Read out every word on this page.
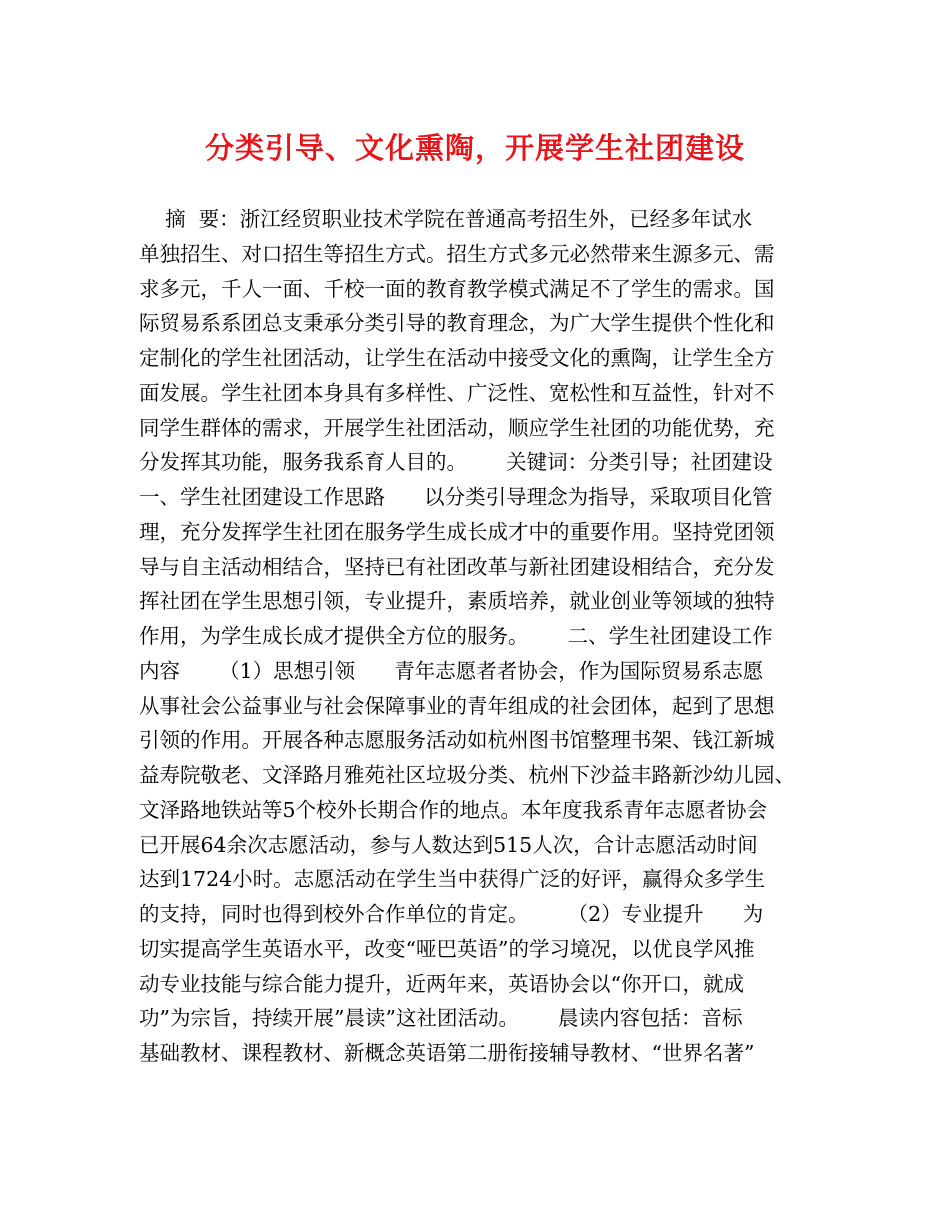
分类引导、文化熏陶，开展学生社团建设
摘  要：浙江经贸职业技术学院在普通高考招生外，已经多年试水
单独招生、对口招生等招生方式。招生方式多元必然带来生源多元、需
求多元，千人一面、千校一面的教育教学模式满足不了学生的需求。国
际贸易系系团总支秉承分类引导的教育理念，为广大学生提供个性化和
定制化的学生社团活动，让学生在活动中接受文化的熏陶，让学生全方
面发展。学生社团本身具有多样性、广泛性、宽松性和互益性，针对不
同学生群体的需求，开展学生社团活动，顺应学生社团的功能优势，充
分发挥其功能，服务我系育人目的。      关键词：分类引导；社团建设
一、学生社团建设工作思路      以分类引导理念为指导，采取项目化管
理，充分发挥学生社团在服务学生成长成才中的重要作用。坚持党团领
导与自主活动相结合，坚持已有社团改革与新社团建设相结合，充分发
挥社团在学生思想引领，专业提升，素质培养，就业创业等领域的独特
作用，为学生成长成才提供全方位的服务。      二、学生社团建设工作
内容      （1）思想引领      青年志愿者者协会，作为国际贸易系志愿
从事社会公益事业与社会保障事业的青年组成的社会团体，起到了思想
引领的作用。开展各种志愿服务活动如杭州图书馆整理书架、钱江新城
益寿院敬老、文泽路月雅苑社区垃圾分类、杭州下沙益丰路新沙幼儿园、
文泽路地铁站等5个校外长期合作的地点。本年度我系青年志愿者协会
已开展64余次志愿活动，参与人数达到515人次，合计志愿活动时间
达到1724小时。志愿活动在学生当中获得广泛的好评，赢得众多学生
的支持，同时也得到校外合作单位的肯定。      （2）专业提升      为
切实提高学生英语水平，改变“哑巴英语”的学习境况，以优良学风推
动专业技能与综合能力提升，近两年来，英语协会以“你开口，就成
功”为宗旨，持续开展”晨读”这社团活动。      晨读内容包括：音标
基础教材、课程教材、新概念英语第二册衔接辅导教材、“世界名著”
